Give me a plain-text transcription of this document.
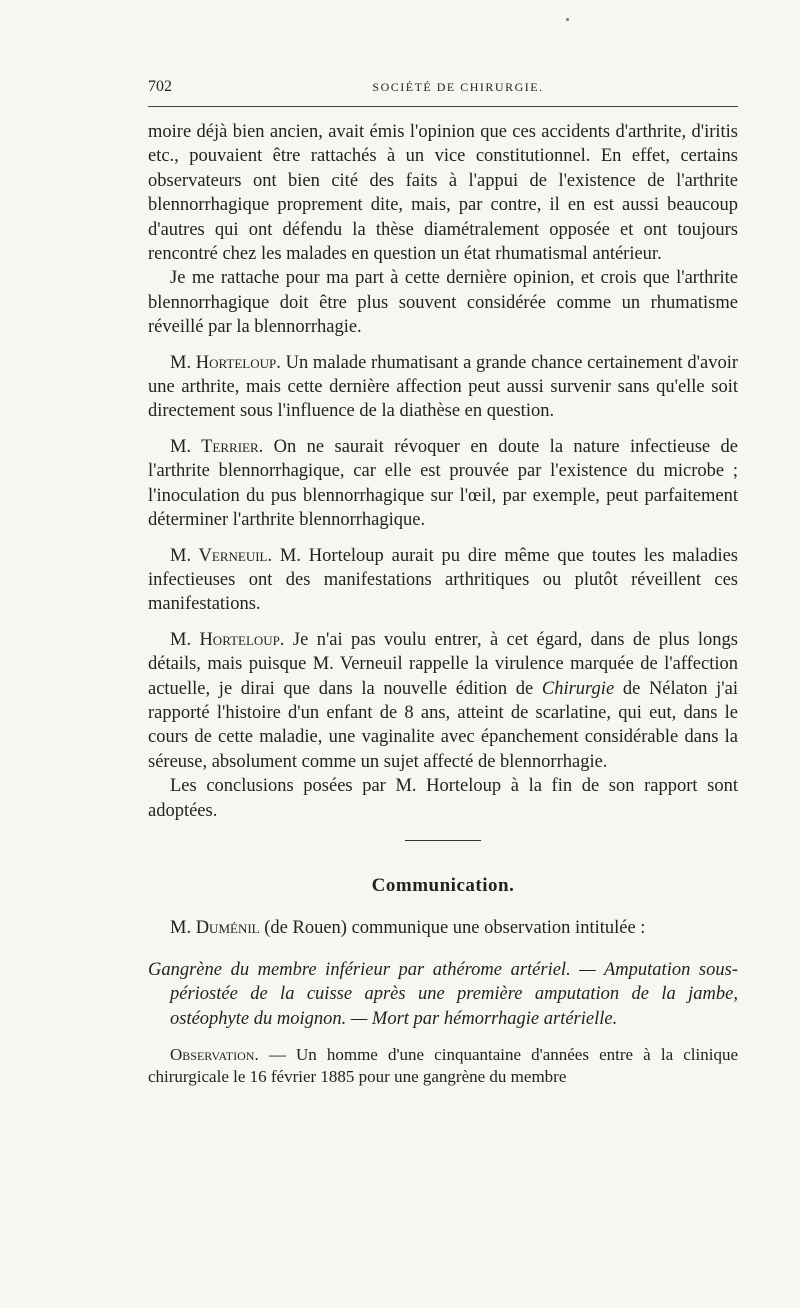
702	SOCIÉTÉ DE CHIRURGIE.

moire déjà bien ancien, avait émis l'opinion que ces accidents d'arthrite, d'iritis etc., pouvaient être rattachés à un vice constitutionnel. En effet, certains observateurs ont bien cité des faits à l'appui de l'existence de l'arthrite blennorrhagique proprement dite, mais, par contre, il en est aussi beaucoup d'autres qui ont défendu la thèse diamétralement opposée et ont toujours rencontré chez les malades en question un état rhumatismal antérieur.

Je me rattache pour ma part à cette dernière opinion, et crois que l'arthrite blennorrhagique doit être plus souvent considérée comme un rhumatisme réveillé par la blennorrhagie.

M. Horteloup. Un malade rhumatisant a grande chance certainement d'avoir une arthrite, mais cette dernière affection peut aussi survenir sans qu'elle soit directement sous l'influence de la diathèse en question.

M. Terrier. On ne saurait révoquer en doute la nature infectieuse de l'arthrite blennorrhagique, car elle est prouvée par l'existence du microbe ; l'inoculation du pus blennorrhagique sur l'œil, par exemple, peut parfaitement déterminer l'arthrite blennorrhagique.

M. Verneuil. M. Horteloup aurait pu dire même que toutes les maladies infectieuses ont des manifestations arthritiques ou plutôt réveillent ces manifestations.

M. Horteloup. Je n'ai pas voulu entrer, à cet égard, dans de plus longs détails, mais puisque M. Verneuil rappelle la virulence marquée de l'affection actuelle, je dirai que dans la nouvelle édition de Chirurgie de Nélaton j'ai rapporté l'histoire d'un enfant de 8 ans, atteint de scarlatine, qui eut, dans le cours de cette maladie, une vaginalite avec épanchement considérable dans la séreuse, absolument comme un sujet affecté de blennorrhagie.

Les conclusions posées par M. Horteloup à la fin de son rapport sont adoptées.

Communication.

M. Duménil (de Rouen) communique une observation intitulée :

Gangrène du membre inférieur par athérome artériel. — Amputation sous-périostée de la cuisse après une première amputation de la jambe, ostéophyte du moignon. — Mort par hémorrhagie artérielle.

Observation. — Un homme d'une cinquantaine d'années entre à la clinique chirurgicale le 16 février 1885 pour une gangrène du membre
